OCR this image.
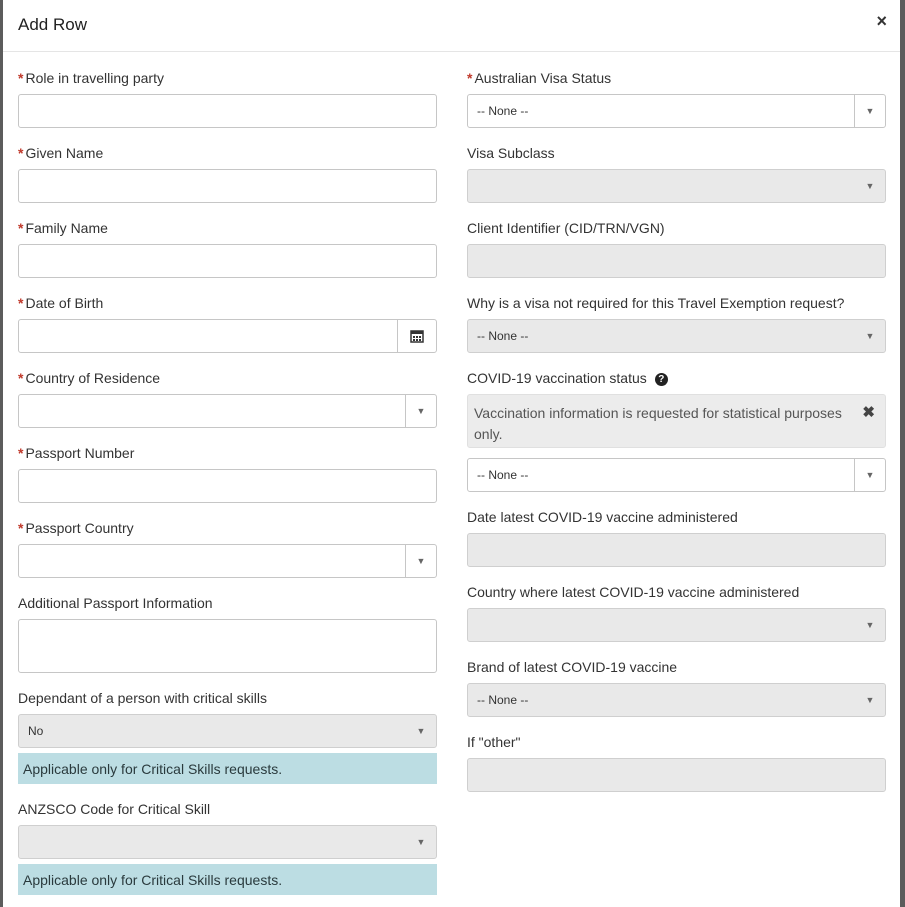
Add Row	×
* Role in travelling party
* Given Name
* Family Name
* Date of Birth
* Country of Residence
▼
* Passport Number
* Passport Country
▼
Additional Passport Information
Dependant of a person with critical skills
No	▼
Applicable only for Critical Skills requests.
ANZSCO Code for Critical Skill
▼
Applicable only for Critical Skills requests.
* Australian Visa Status
-- None --	▼
Visa Subclass
▼
Client Identifier (CID/TRN/VGN)
Why is a visa not required for this Travel Exemption request?
-- None --	▼
COVID-19 vaccination status ?
Vaccination information is requested for statistical purposes only.
✖
-- None --	▼
Date latest COVID-19 vaccine administered
Country where latest COVID-19 vaccine administered
▼
Brand of latest COVID-19 vaccine
-- None --	▼
If "other"
